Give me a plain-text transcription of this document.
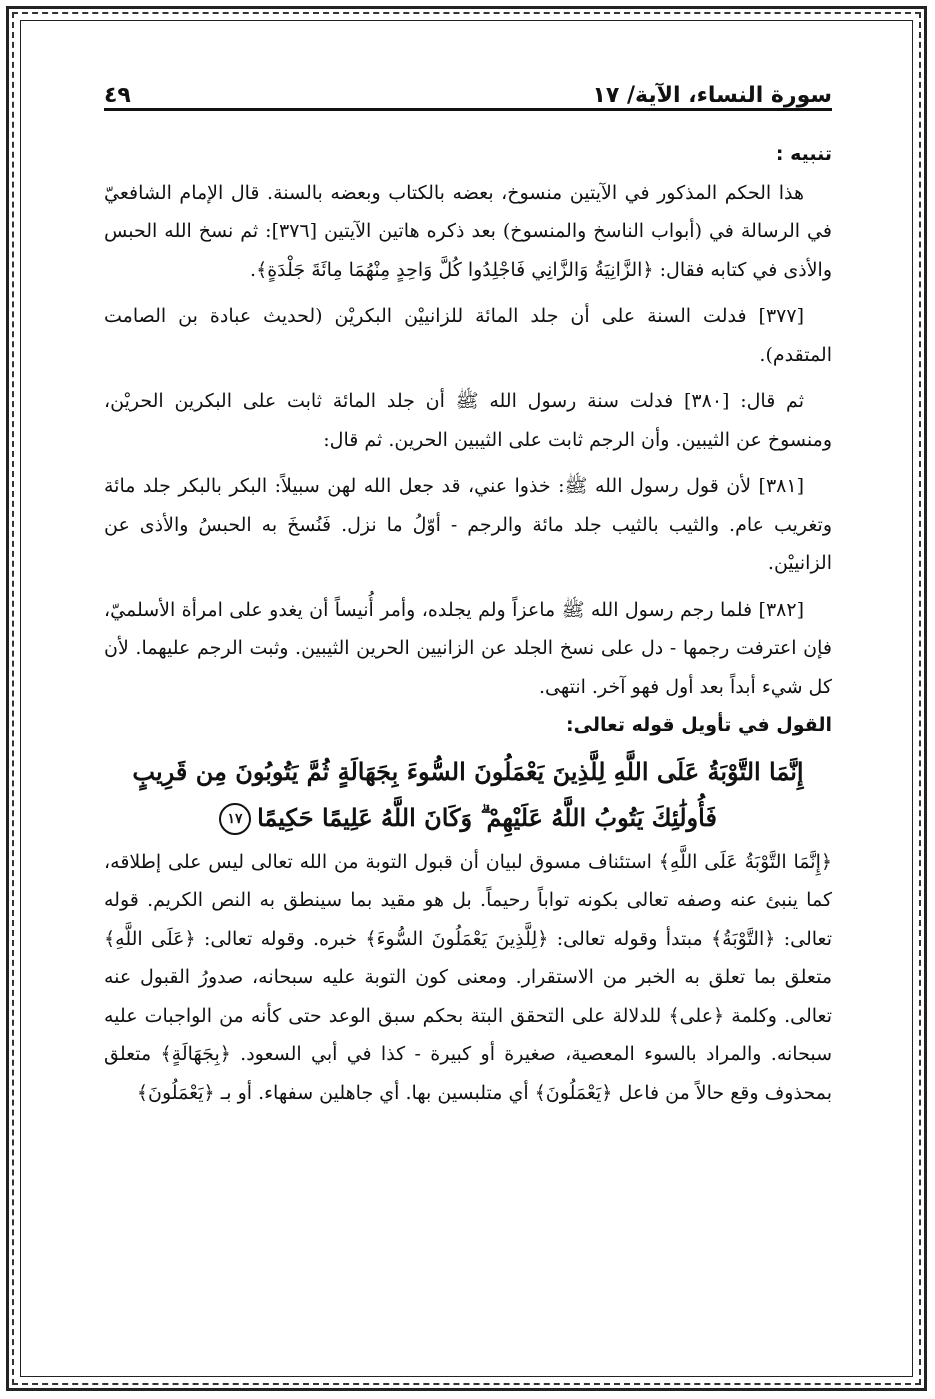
سورة النساء، الآية/ ١٧
٤٩

تنبيه :

هذا الحكم المذكور في الآيتين منسوخ، بعضه بالكتاب وبعضه بالسنة. قال الإمام الشافعيّ في الرسالة في (أبواب الناسخ والمنسوخ) بعد ذكره هاتين الآيتين [٣٧٦]: ثم نسخ الله الحبس والأذى في كتابه فقال: ﴿الزَّانِيَةُ وَالزَّانِي فَاجْلِدُوا كُلَّ وَاحِدٍ مِنْهُمَا مِائَةَ جَلْدَةٍ﴾.

[٣٧٧] فدلت السنة على أن جلد المائة للزانييْن البكريْن (لحديث عبادة بن الصامت المتقدم).

ثم قال: [٣٨٠] فدلت سنة رسول الله ﷺ أن جلد المائة ثابت على البكرين الحريْن، ومنسوخ عن الثيبين. وأن الرجم ثابت على الثيبين الحرين. ثم قال:

[٣٨١] لأن قول رسول الله ﷺ: خذوا عني، قد جعل الله لهن سبيلاً: البكر بالبكر جلد مائة وتغريب عام. والثيب بالثيب جلد مائة والرجم - أوّلُ ما نزل. فَنُسخَ به الحبسُ والأذى عن الزانييْن.

[٣٨٢] فلما رجم رسول الله ﷺ ماعزاً ولم يجلده، وأمر أُنيساً أن يغدو على امرأة الأسلميّ، فإن اعترفت رجمها - دل على نسخ الجلد عن الزانيين الحرين الثيبين. وثبت الرجم عليهما. لأن كل شيء أبداً بعد أول فهو آخر. انتهى.

القول في تأويل قوله تعالى:

إِنَّمَا التَّوْبَةُ عَلَى اللَّهِ لِلَّذِينَ يَعْمَلُونَ السُّوءَ بِجَهَالَةٍ ثُمَّ يَتُوبُونَ مِن قَرِيبٍ
فَأُولَٰئِكَ يَتُوبُ اللَّهُ عَلَيْهِمْ ۗ وَكَانَ اللَّهُ عَلِيمًا حَكِيمًا١٧

﴿إِنَّمَا التَّوْبَةُ عَلَى اللَّهِ﴾ استئناف مسوق لبيان أن قبول التوبة من الله تعالى ليس على إطلاقه، كما ينبئ عنه وصفه تعالى بكونه تواباً رحيماً. بل هو مقيد بما سينطق به النص الكريم. قوله تعالى: ﴿التَّوْبَةُ﴾ مبتدأ وقوله تعالى: ﴿لِلَّذِينَ يَعْمَلُونَ السُّوءَ﴾ خبره. وقوله تعالى: ﴿عَلَى اللَّهِ﴾ متعلق بما تعلق به الخبر من الاستقرار. ومعنى كون التوبة عليه سبحانه، صدورُ القبول عنه تعالى. وكلمة ﴿على﴾ للدلالة على التحقق البتة بحكم سبق الوعد حتى كأنه من الواجبات عليه سبحانه. والمراد بالسوء المعصية، صغيرة أو كبيرة - كذا في أبي السعود. ﴿بِجَهَالَةٍ﴾ متعلق بمحذوف وقع حالاً من فاعل ﴿يَعْمَلُونَ﴾ أي متلبسين بها. أي جاهلين سفهاء. أو بـ ﴿يَعْمَلُونَ﴾
